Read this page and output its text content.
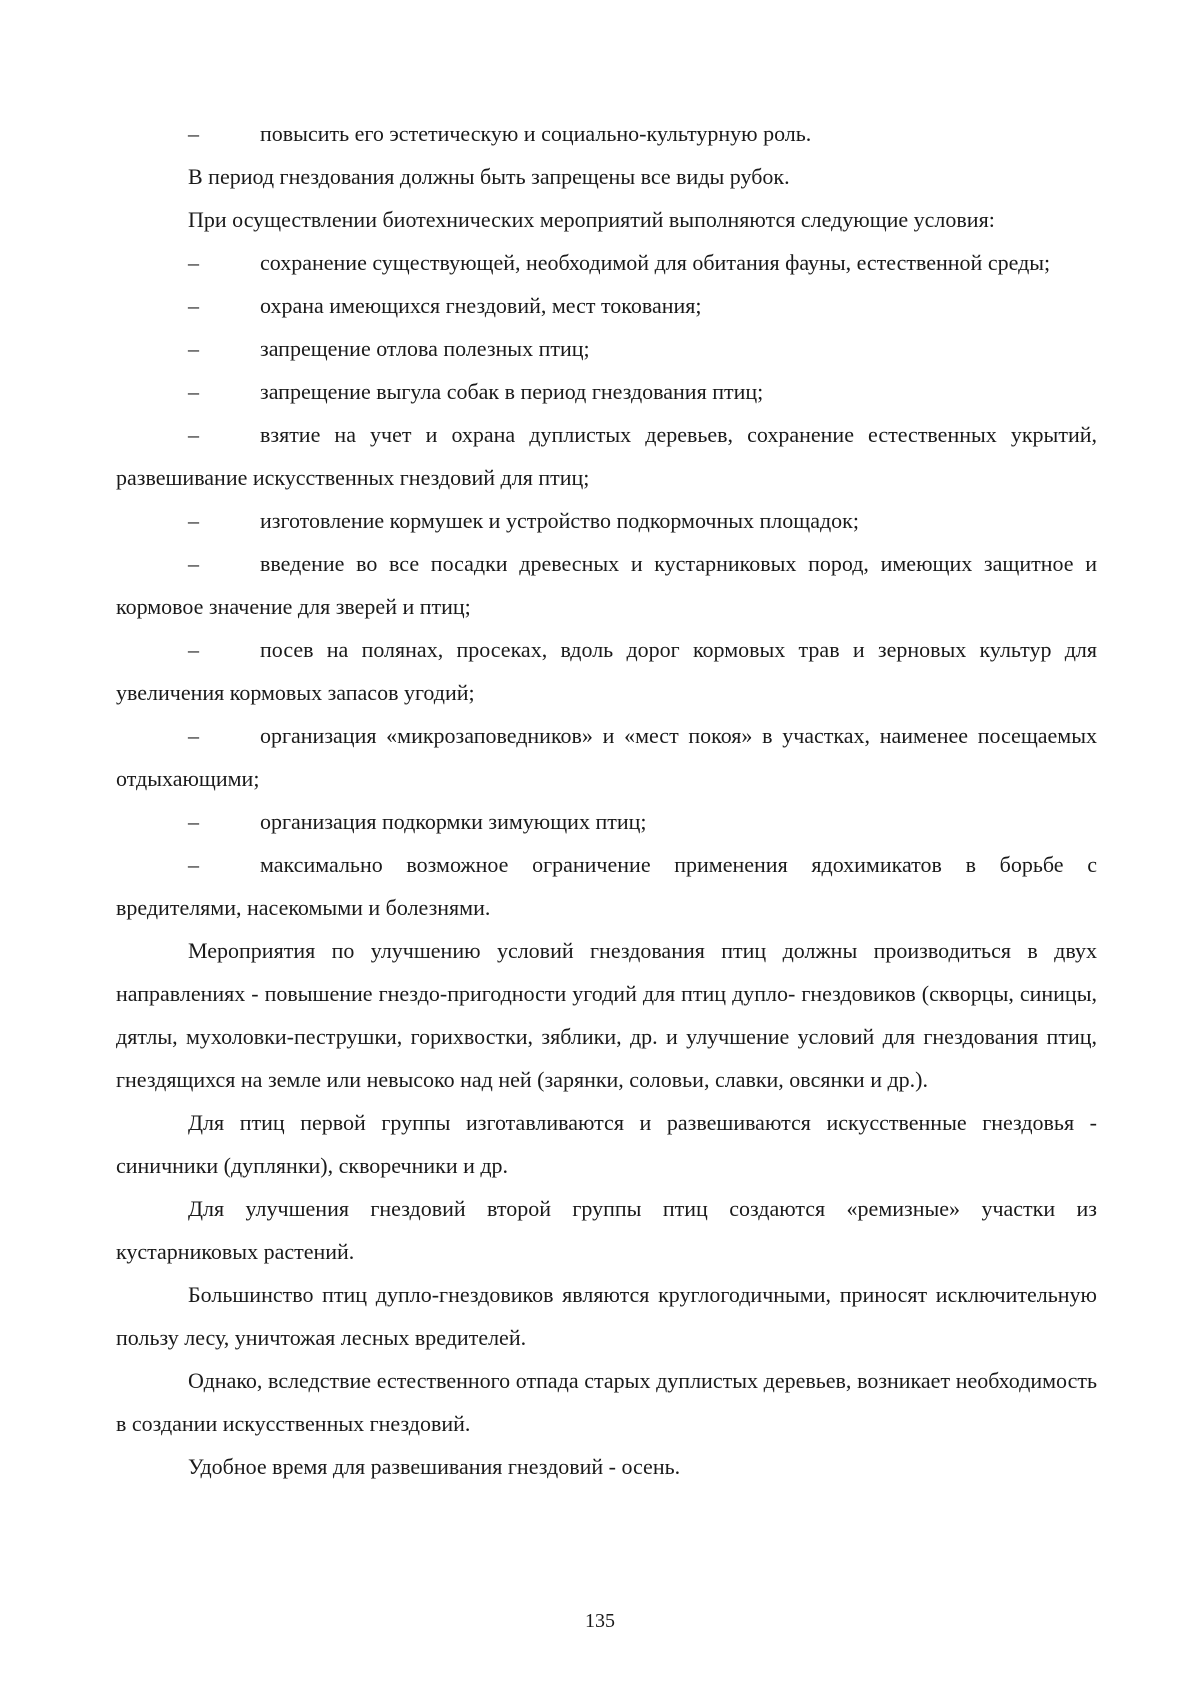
–	повысить его эстетическую и социально-культурную роль.

В период гнездования должны быть запрещены все виды рубок.

При осуществлении биотехнических мероприятий выполняются следующие условия:

–	сохранение существующей, необходимой для обитания фауны, естественной среды;

–	охрана имеющихся гнездовий, мест токования;

–	запрещение отлова полезных птиц;

–	запрещение выгула собак в период гнездования птиц;

–	взятие на учет и охрана дуплистых деревьев, сохранение естественных укрытий, развешивание искусственных гнездовий для птиц;

–	изготовление кормушек и устройство подкормочных площадок;

–	введение во все посадки древесных и кустарниковых пород, имеющих защитное и кормовое значение для зверей и птиц;

–	посев на полянах, просеках, вдоль дорог кормовых трав и зерновых культур для увеличения кормовых запасов угодий;

–	организация «микрозаповедников» и «мест покоя» в участках, наименее посещаемых отдыхающими;

–	организация подкормки зимующих птиц;

–	максимально возможное ограничение применения ядохимикатов в борьбе с вредителями, насекомыми и болезнями.

Мероприятия по улучшению условий гнездования птиц должны производиться в двух направлениях - повышение гнездо-пригодности угодий для птиц дупло- гнездовиков (скворцы, синицы, дятлы, мухоловки-пеструшки, горихвостки, зяблики, др. и улучшение условий для гнездования птиц, гнездящихся на земле или невысоко над ней (зарянки, соловьи, славки, овсянки и др.).

Для птиц первой группы изготавливаются и развешиваются искусственные гнездовья - синичники (дуплянки), скворечники и др.

Для улучшения гнездовий второй группы птиц создаются «ремизные» участки из кустарниковых растений.

Большинство птиц дупло-гнездовиков являются круглогодичными, приносят исключительную пользу лесу, уничтожая лесных вредителей.

Однако, вследствие естественного отпада старых дуплистых деревьев, возникает необходимость в создании искусственных гнездовий.

Удобное время для развешивания гнездовий - осень.

135
